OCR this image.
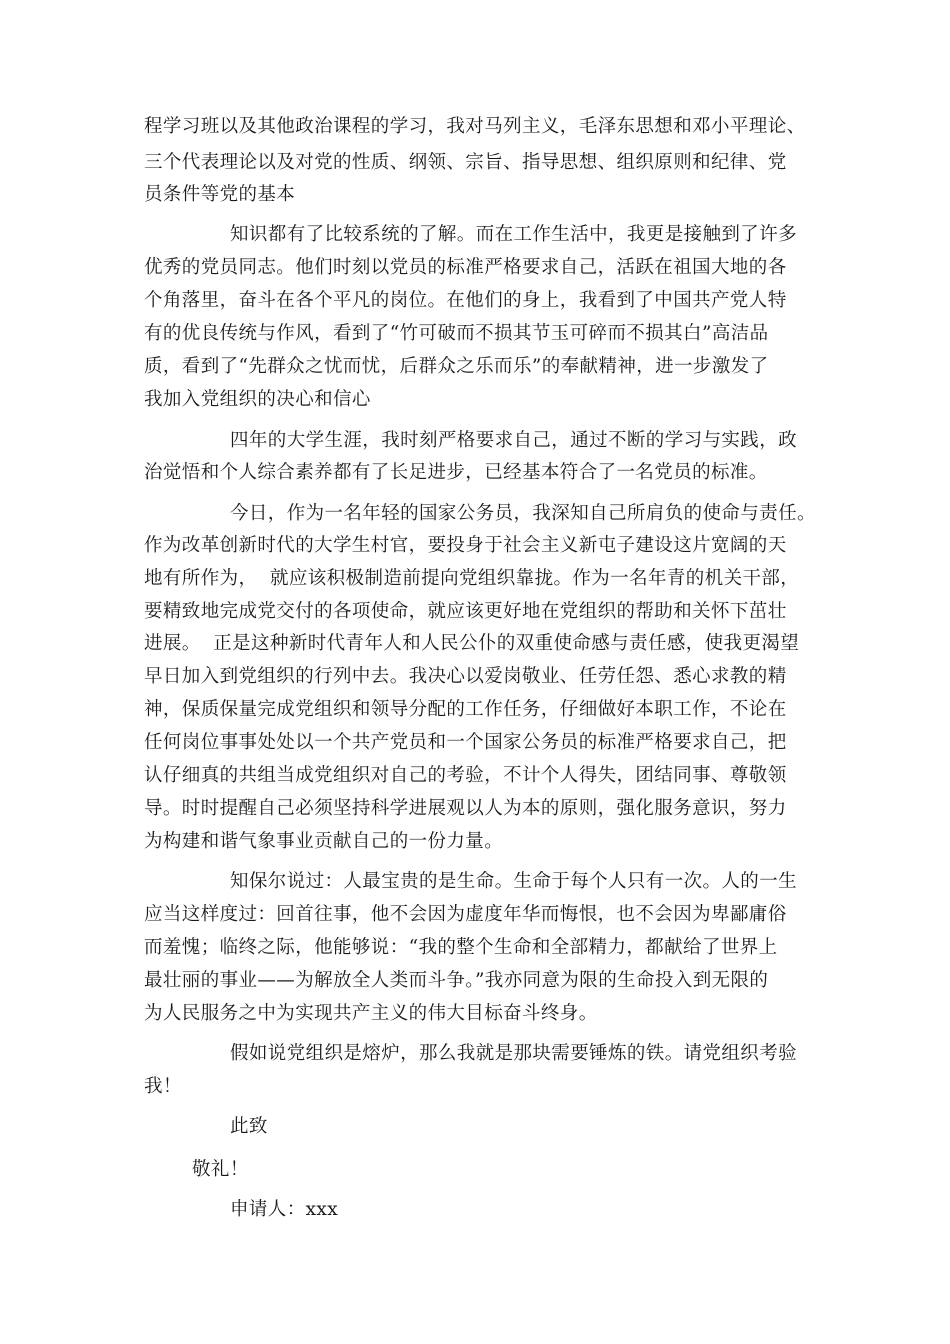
程学习班以及其他政治课程的学习，我对马列主义，毛泽东思想和邓小平理论、
三个代表理论以及对党的性质、纲领、宗旨、指导思想、组织原则和纪律、党
员条件等党的基本
知识都有了比较系统的了解。而在工作生活中，我更是接触到了许多
优秀的党员同志。他们时刻以党员的标准严格要求自己，活跃在祖国大地的各
个角落里，奋斗在各个平凡的岗位。在他们的身上，我看到了中国共产党人特
有的优良传统与作风，看到了“竹可破而不损其节玉可碎而不损其白”高洁品
质，看到了“先群众之忧而忧，后群众之乐而乐”的奉献精神，进一步激发了
我加入党组织的决心和信心
四年的大学生涯，我时刻严格要求自己，通过不断的学习与实践，政
治觉悟和个人综合素养都有了长足进步，已经基本符合了一名党员的标准。
今日，作为一名年轻的国家公务员，我深知自己所肩负的使命与责任。
作为改革创新时代的大学生村官，要投身于社会主义新屯子建设这片宽阔的天
地有所作为，  就应该积极制造前提向党组织靠拢。作为一名年青的机关干部，
要精致地完成党交付的各项使命，就应该更好地在党组织的帮助和关怀下茁壮
进展。  正是这种新时代青年人和人民公仆的双重使命感与责任感，使我更渴望
早日加入到党组织的行列中去。我决心以爱岗敬业、任劳任怨、悉心求教的精
神，保质保量完成党组织和领导分配的工作任务，仔细做好本职工作，不论在
任何岗位事事处处以一个共产党员和一个国家公务员的标准严格要求自己，把
认仔细真的共组当成党组织对自己的考验，不计个人得失，团结同事、尊敬领
导。时时提醒自己必须坚持科学进展观以人为本的原则，强化服务意识，努力
为构建和谐气象事业贡献自己的一份力量。
知保尔说过：人最宝贵的是生命。生命于每个人只有一次。人的一生
应当这样度过：回首往事，他不会因为虚度年华而悔恨，也不会因为卑鄙庸俗
而羞愧；临终之际，他能够说：“我的整个生命和全部精力，都献给了世界上
最壮丽的事业——为解放全人类而斗争。”我亦同意为限的生命投入到无限的
为人民服务之中为实现共产主义的伟大目标奋斗终身。
假如说党组织是熔炉，那么我就是那块需要锤炼的铁。请党组织考验
我！
此致
敬礼！
申请人：xxx
